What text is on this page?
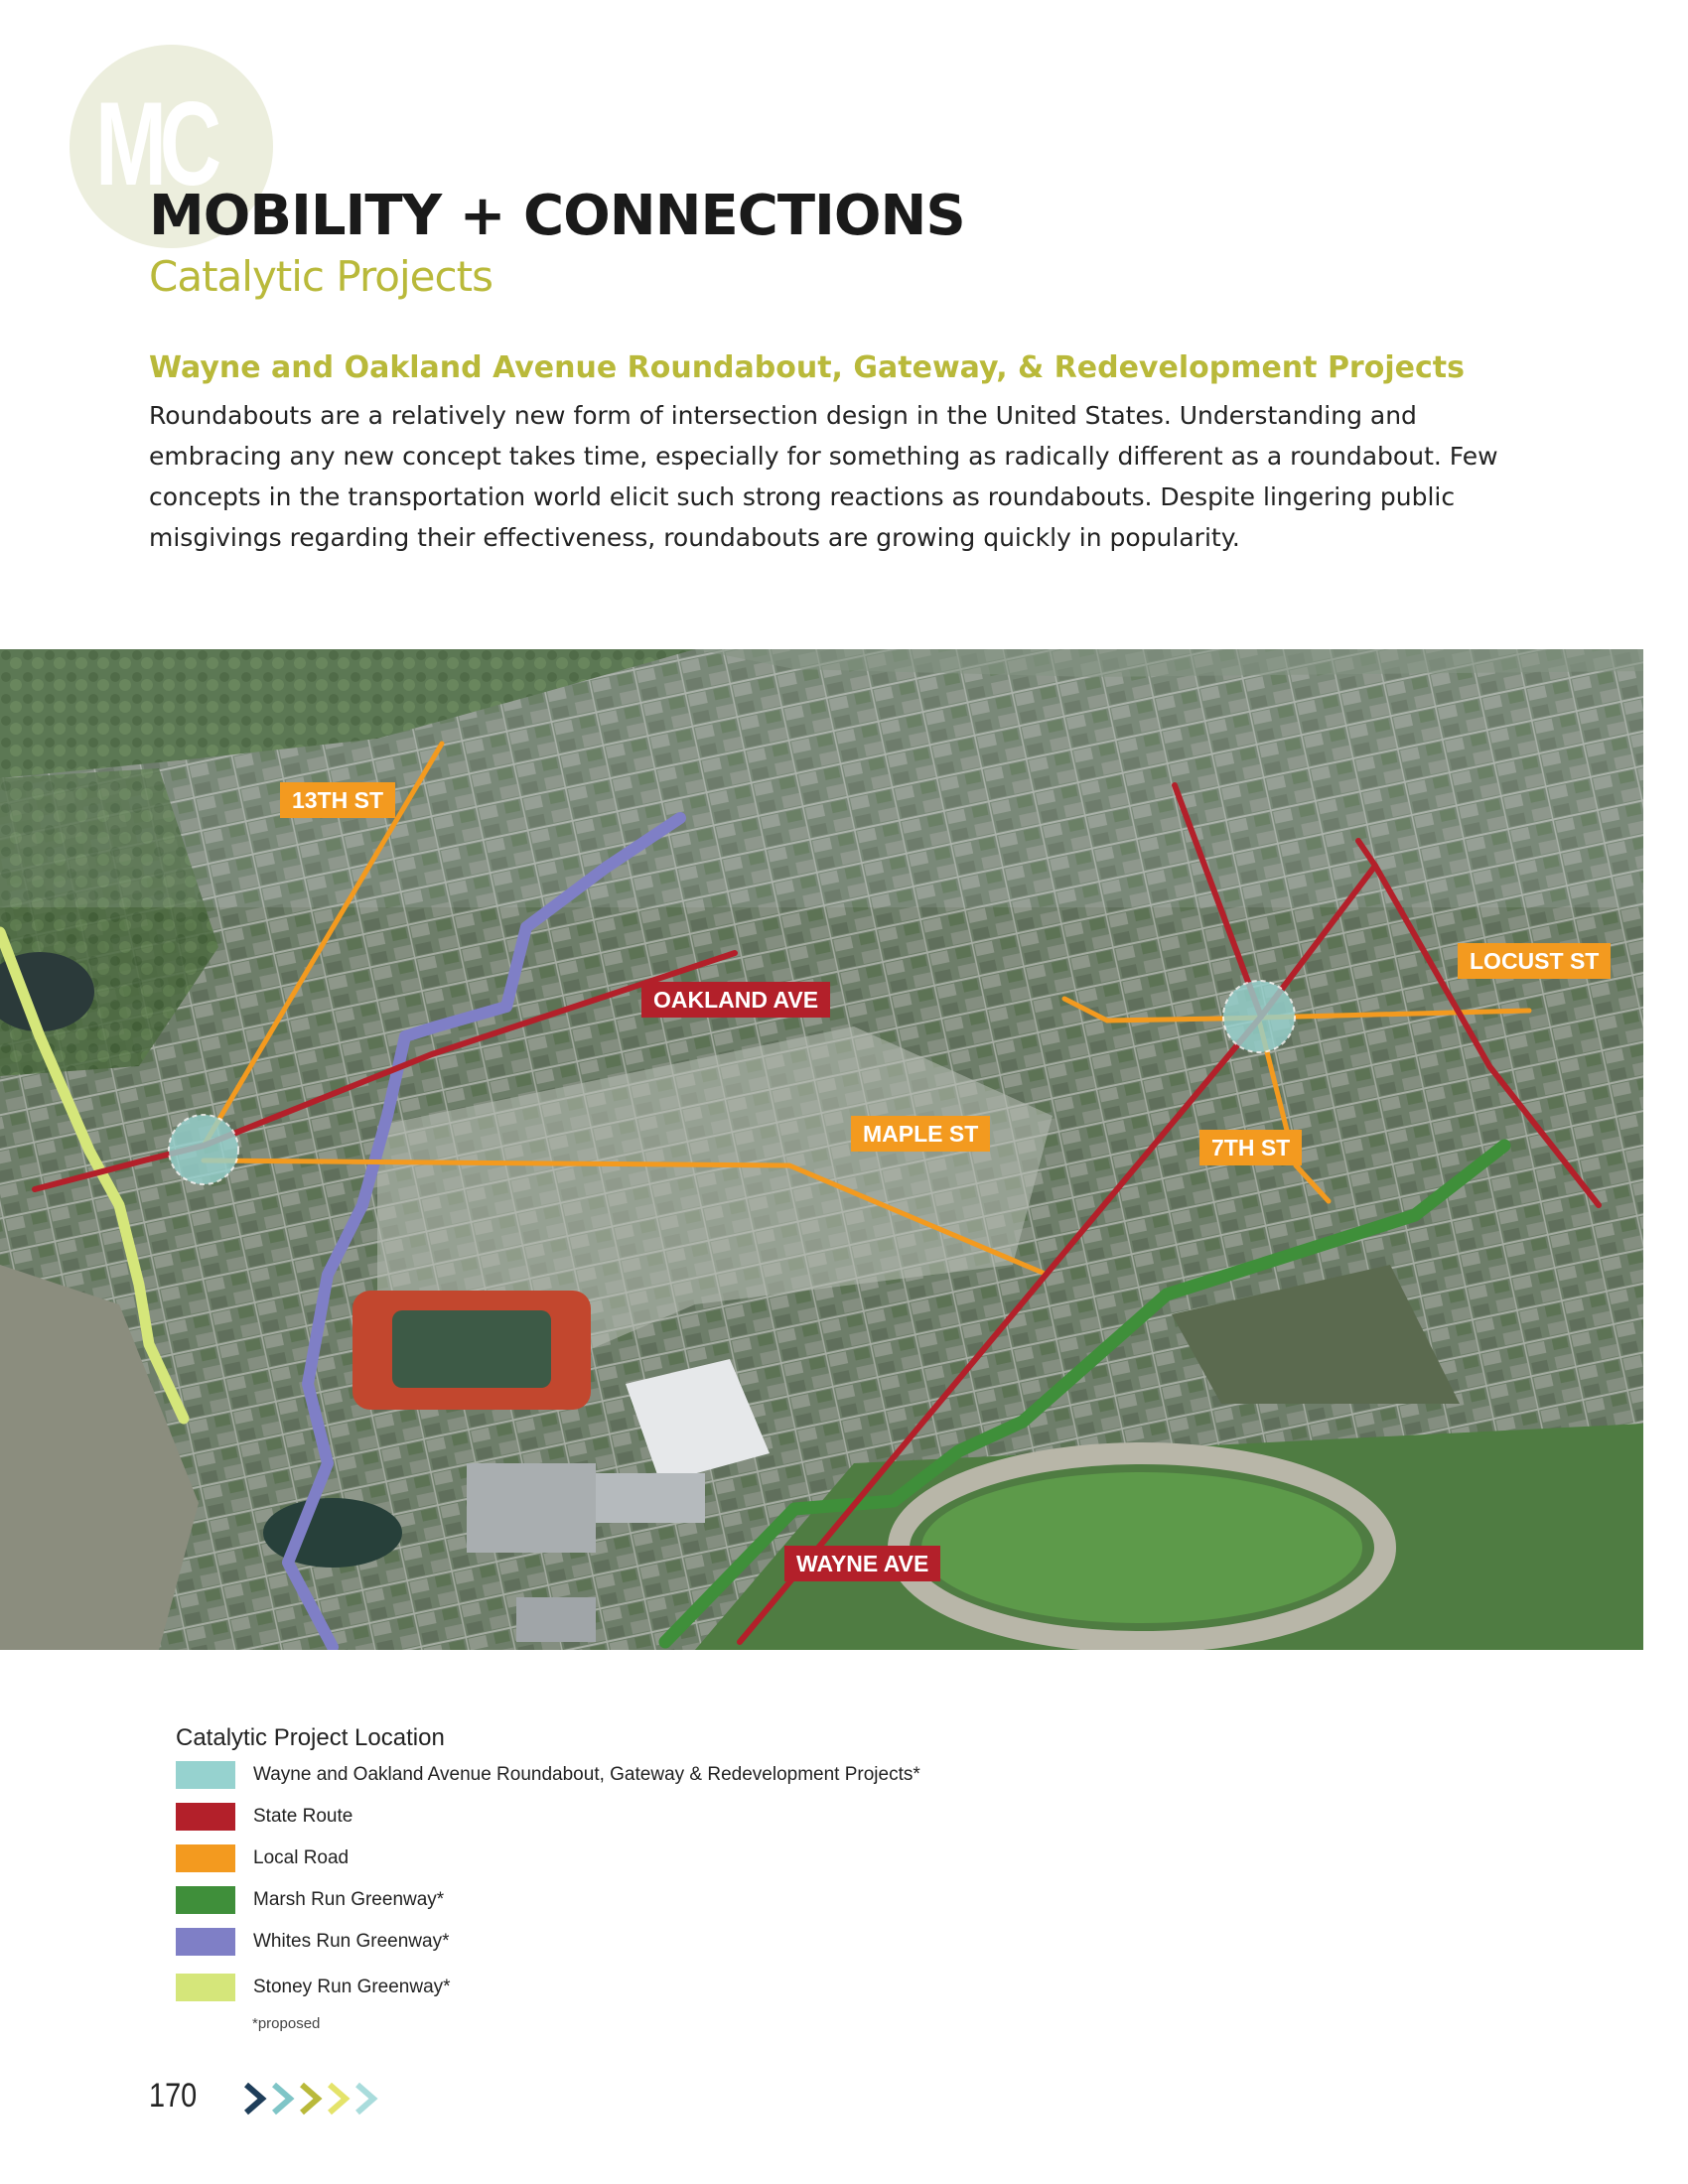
MC
MOBILITY + CONNECTIONS
Catalytic Projects
Wayne and Oakland Avenue Roundabout, Gateway, & Redevelopment Projects
Roundabouts are a relatively new form of intersection design in the United States. Understanding and embracing any new concept takes time, especially for something as radically different as a roundabout. Few concepts in the transportation world elicit such strong reactions as roundabouts. Despite lingering public misgivings regarding their effectiveness, roundabouts are growing quickly in popularity.
13TH ST
OAKLAND AVE
LOCUST ST
MAPLE ST
7TH ST
WAYNE AVE
Catalytic Project Location
Wayne and Oakland Avenue Roundabout, Gateway & Redevelopment Projects*
State Route
Local Road
Marsh Run Greenway*
Whites Run Greenway*
Stoney Run Greenway*
*proposed
170
